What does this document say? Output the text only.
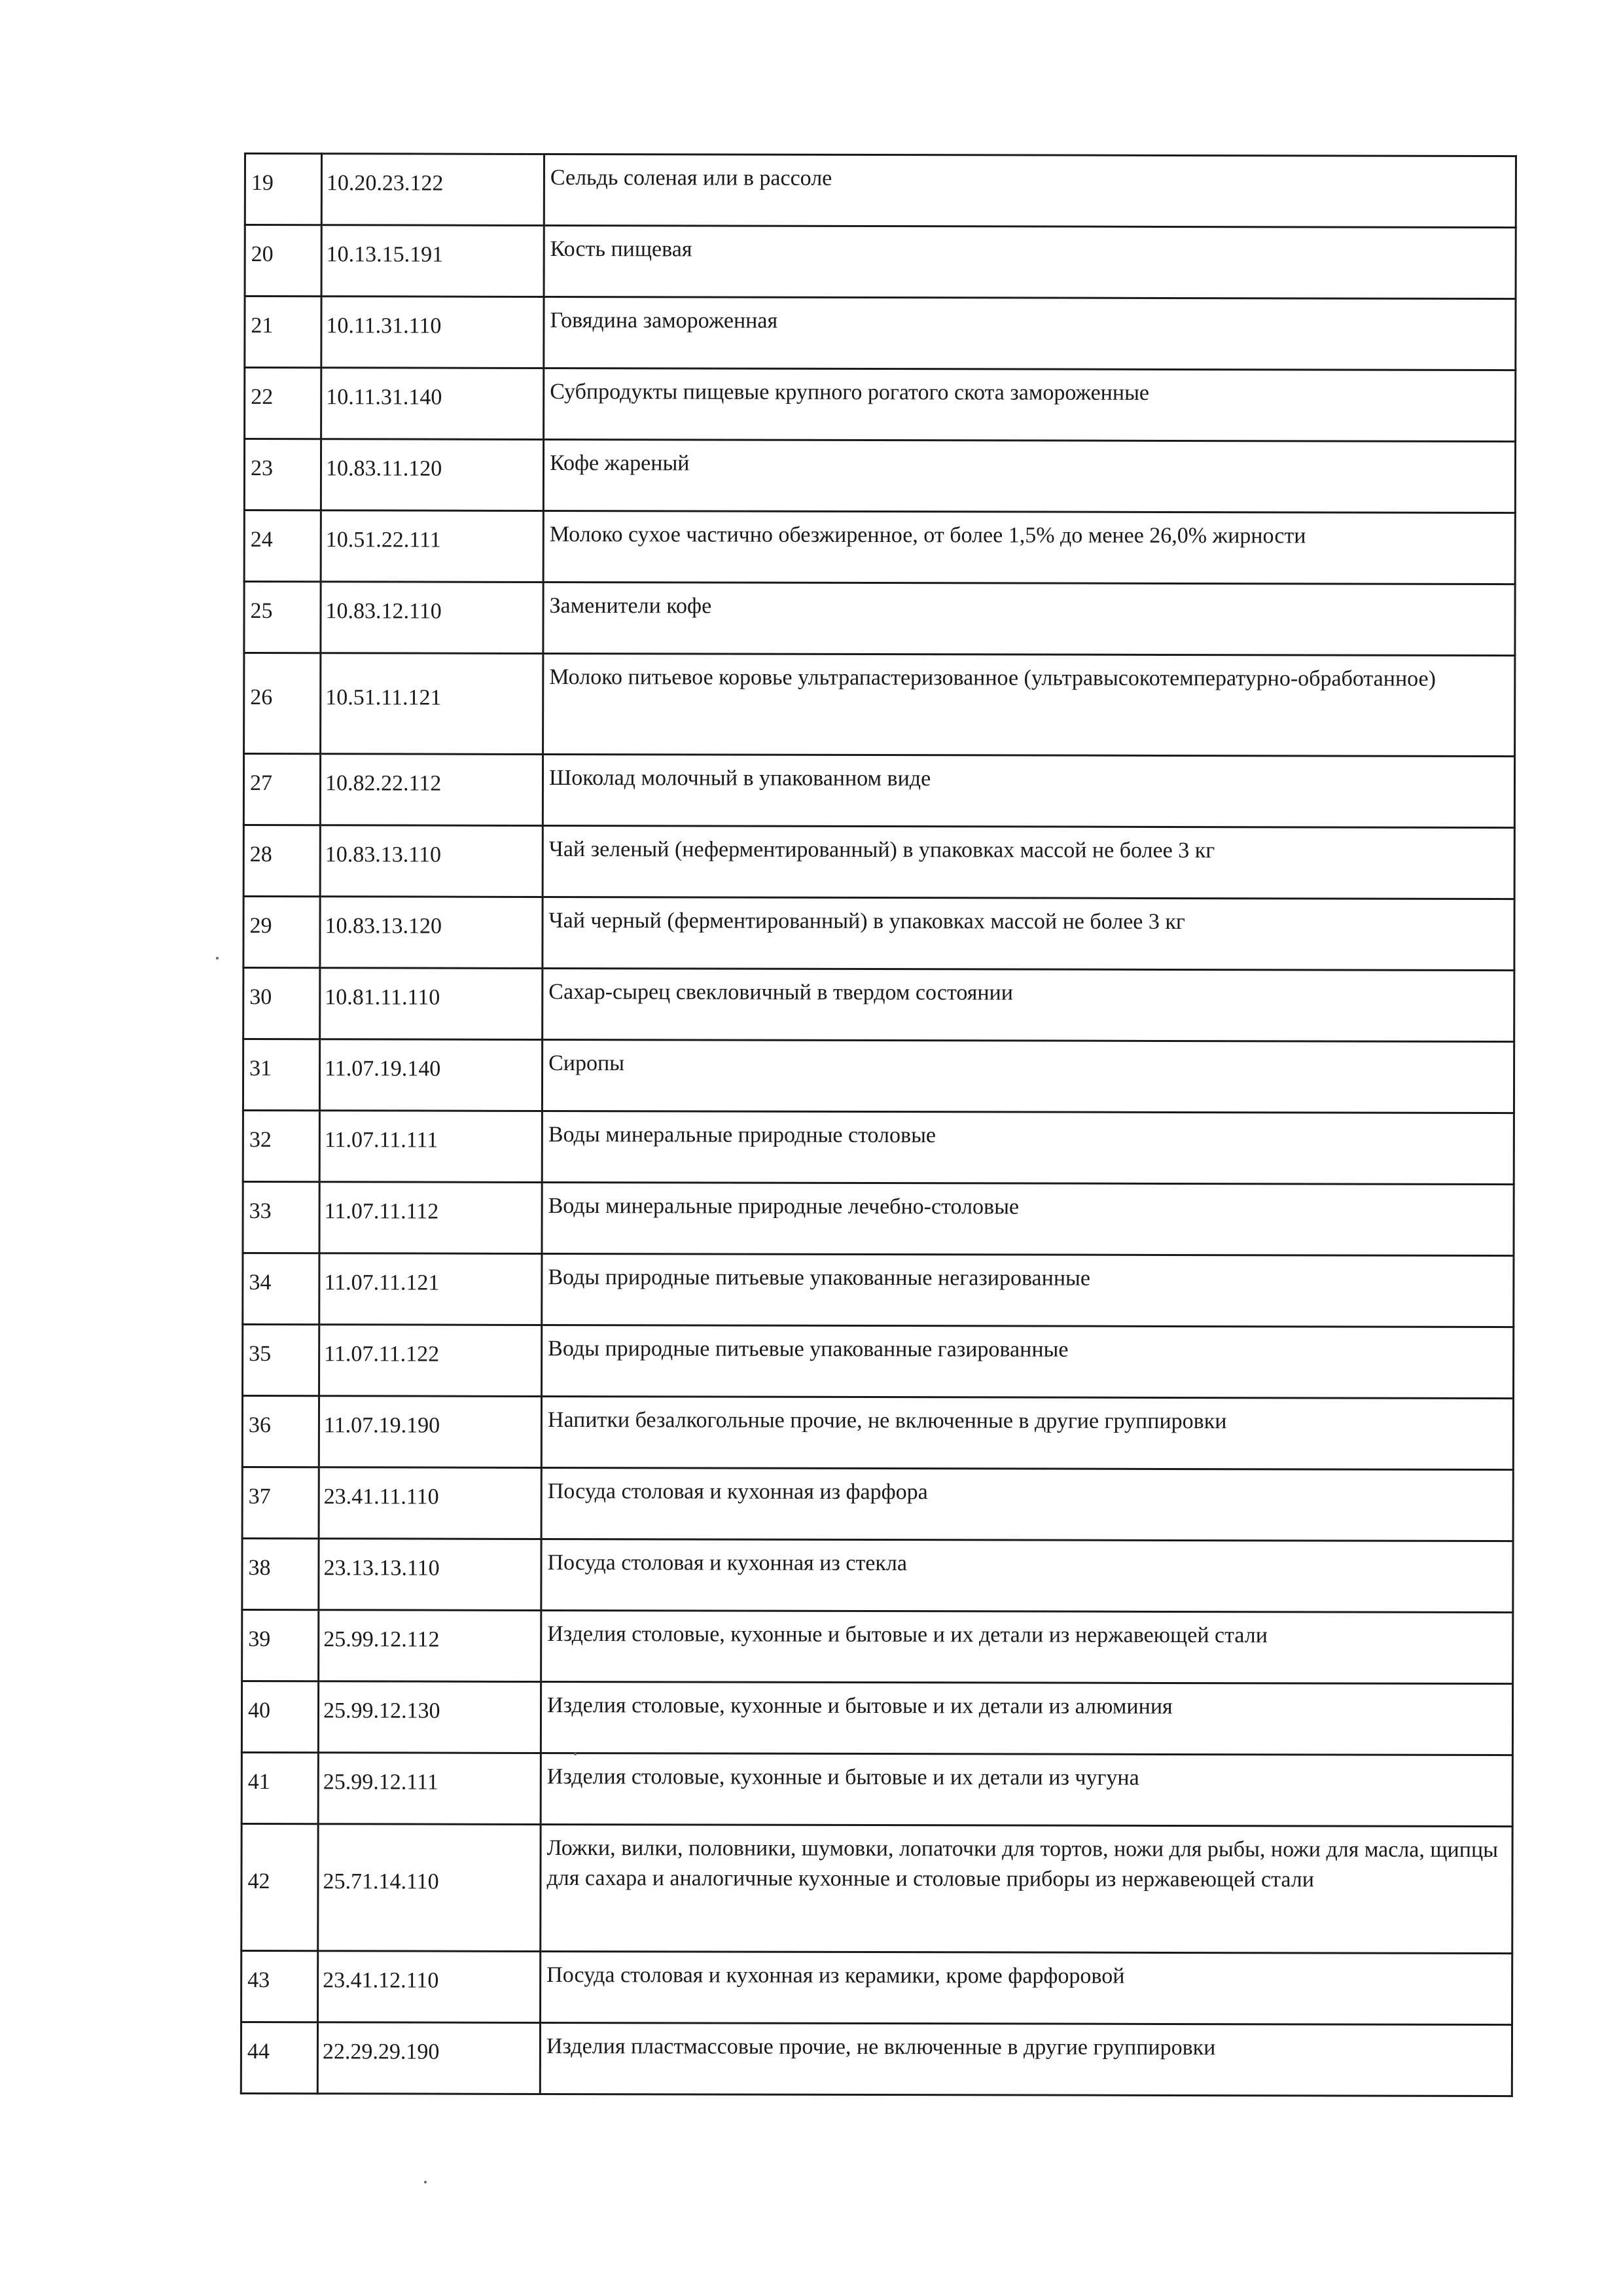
19	10.20.23.122	Сельдь соленая или в рассоле
20	10.13.15.191	Кость пищевая
21	10.11.31.110	Говядина замороженная
22	10.11.31.140	Субпродукты пищевые крупного рогатого скота замороженные
23	10.83.11.120	Кофе жареный
24	10.51.22.111	Молоко сухое частично обезжиренное, от более 1,5% до менее 26,0% жирности
25	10.83.12.110	Заменители кофе
26	10.51.11.121	Молоко питьевое коровье ультрапастеризованное (ультравысокотемпературно-обработанное)
27	10.82.22.112	Шоколад молочный в упакованном виде
28	10.83.13.110	Чай зеленый (неферментированный) в упаковках массой не более 3 кг
29	10.83.13.120	Чай черный (ферментированный) в упаковках массой не более 3 кг
30	10.81.11.110	Сахар-сырец свекловичный в твердом состоянии
31	11.07.19.140	Сиропы
32	11.07.11.111	Воды минеральные природные столовые
33	11.07.11.112	Воды минеральные природные лечебно-столовые
34	11.07.11.121	Воды природные питьевые упакованные негазированные
35	11.07.11.122	Воды природные питьевые упакованные газированные
36	11.07.19.190	Напитки безалкогольные прочие, не включенные в другие группировки
37	23.41.11.110	Посуда столовая и кухонная из фарфора
38	23.13.13.110	Посуда столовая и кухонная из стекла
39	25.99.12.112	Изделия столовые, кухонные и бытовые и их детали из нержавеющей стали
40	25.99.12.130	Изделия столовые, кухонные и бытовые и их детали из алюминия
41	25.99.12.111	Изделия столовые, кухонные и бытовые и их детали из чугуна
42	25.71.14.110	Ложки, вилки, половники, шумовки, лопаточки для тортов, ножи для рыбы, ножи для масла, щипцы для сахара и аналогичные кухонные и столовые приборы из нержавеющей стали
43	23.41.12.110	Посуда столовая и кухонная из керамики, кроме фарфоровой
44	22.29.29.190	Изделия пластмассовые прочие, не включенные в другие группировки
